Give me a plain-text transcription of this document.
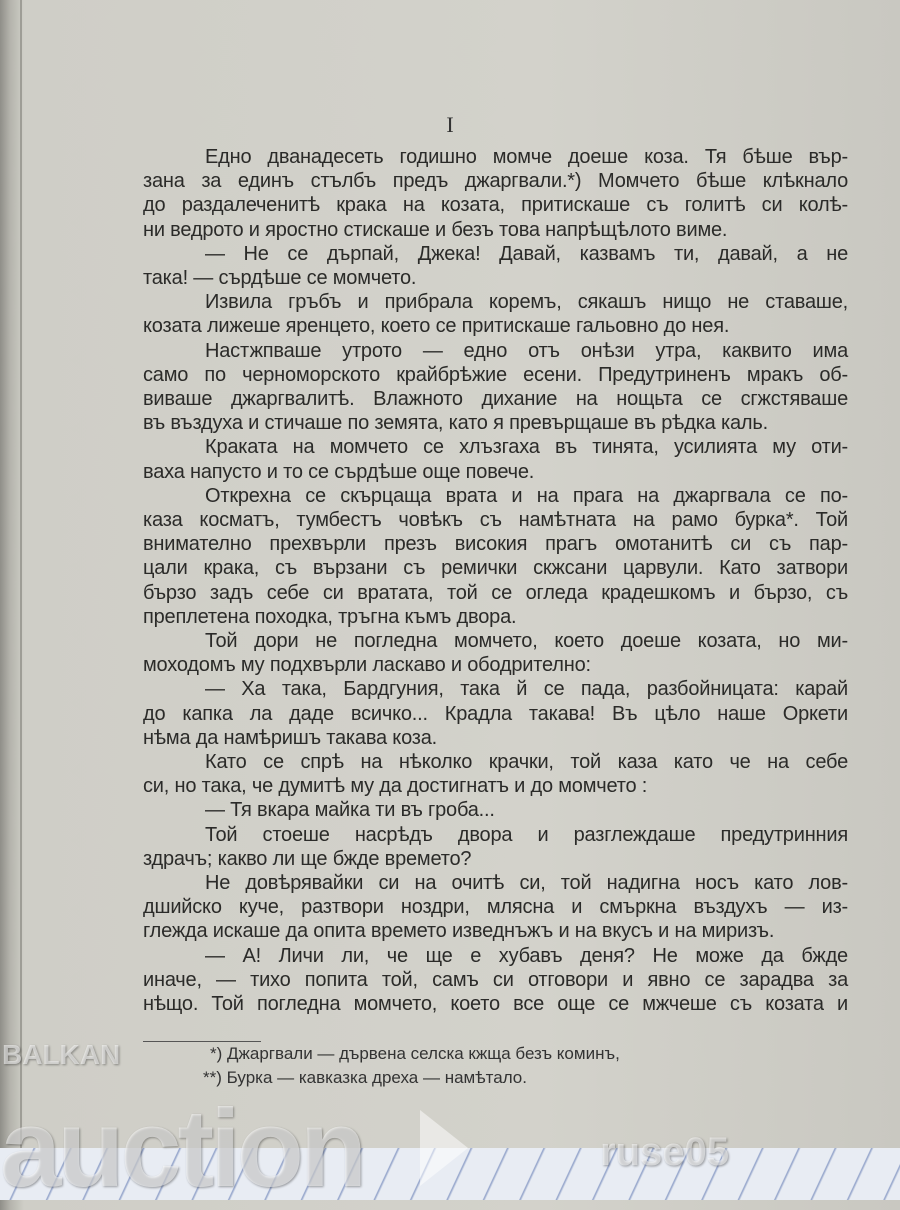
I
Едно дванадесеть годишно момче доеше коза. Тя бѣше вър-
зана за единъ стълбъ предъ джаргвали.*) Момчето бѣше клѣкнало
до раздалеченитѣ крака на козата, притискаше съ голитѣ си колѣ-
ни ведрото и яростно стискаше и безъ това напрѣщѣлото виме.
— Не се дърпай, Джека! Давай, казвамъ ти, давай, а не
така! — сърдѣше се момчето.
Извила гръбъ и прибрала коремъ, сякашъ нищо не ставаше,
козата лижеше яренцето, което се притискаше гальовно до нея.
Настжпваше утрото — едно отъ онѣзи утра, каквито има
само по черноморското крайбрѣжие есени. Предутриненъ мракъ об-
виваше джаргвалитѣ. Влажното дихание на нощьта се сгжстяваше
въ въздуха и стичаше по земята, като я превърщаше въ рѣдка каль.
Краката на момчето се хлъзгаха въ тинята, усилията му оти-
ваха напусто и то се сърдѣше още повече.
Открехна се скърцаща врата и на прага на джаргвала се по-
каза косматъ, тумбестъ човѣкъ съ намѣтната на рамо бурка*. Той
внимателно прехвърли презъ високия прагъ омотанитѣ си съ пар-
цали крака, съ вързани съ ремички скжсани царвули. Като затвори
бързо задъ себе си вратата, той се огледа крадешкомъ и бързо, съ
преплетена походка, тръгна къмъ двора.
Той дори не погледна момчето, което доеше козата, но ми-
моходомъ му подхвърли ласкаво и ободрително:
— Ха така, Бардгуния, така й се пада, разбойницата: карай
до капка ла даде всичко... Крадла такава! Въ цѣло наше Оркети
нѣма да намѣришъ такава коза.
Като се спрѣ на нѣколко крачки, той каза като че на себе
си, но така, че думитѣ му да достигнатъ и до момчето :
— Тя вкара майка ти въ гроба...
Той стоеше насрѣдъ двора и разглеждаше предутринния
здрачъ; какво ли ще бжде времето?
Не довѣрявайки си на очитѣ си, той надигна носъ като лов-
дшийско куче, разтвори ноздри, млясна и смъркна въздухъ — из-
глежда искаше да опита времето изведнъжъ и на вкусъ и на миризъ.
— А! Личи ли, че ще е хубавъ деня? Не може да бжде
иначе, — тихо попита той, самъ си отговори и явно се зарадва за
нѣщо. Той погледна момчето, което все още се мжчеше съ козата и
*) Джаргвали — дървена селска кжща безъ коминъ,
**) Бурка — кавказка дреха — намѣтало.
BALKAN
auction	ruse05
